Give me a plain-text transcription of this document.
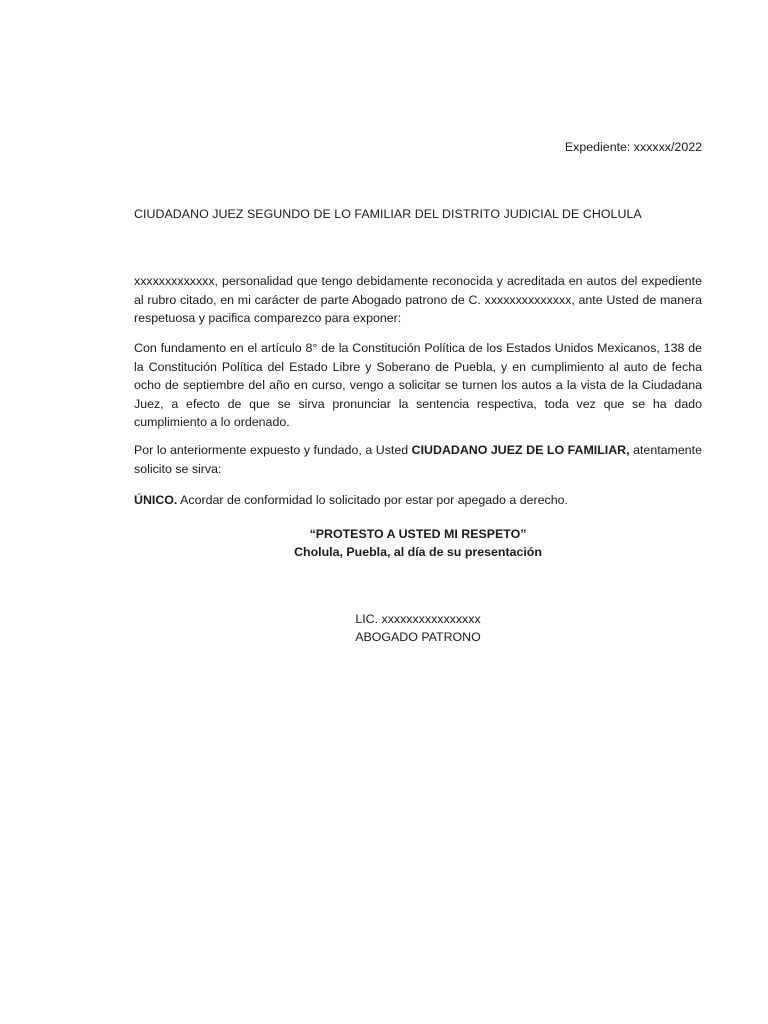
Expediente: xxxxxx/2022

CIUDADANO JUEZ SEGUNDO DE LO FAMILIAR DEL DISTRITO JUDICIAL DE CHOLULA

xxxxxxxxxxxxx, personalidad que tengo debidamente reconocida y acreditada en autos del expediente al rubro citado, en mi carácter de parte Abogado patrono de C. xxxxxxxxxxxxxx, ante Usted de manera respetuosa y pacifica comparezco para exponer:

Con fundamento en el artículo 8° de la Constitución Política de los Estados Unidos Mexicanos, 138 de la Constitución Política del Estado Libre y Soberano de Puebla, y en cumplimiento al auto de fecha ocho de septiembre del año en curso, vengo a solicitar se turnen los autos a la vista de la Ciudadana Juez, a efecto de que se sirva pronunciar la sentencia respectiva, toda vez que se ha dado cumplimiento a lo ordenado.

Por lo anteriormente expuesto y fundado, a Usted CIUDADANO JUEZ DE LO FAMILIAR, atentamente solicito se sirva:

ÚNICO. Acordar de conformidad lo solicitado por estar por apegado a derecho.

“PROTESTO A USTED MI RESPETO”

Cholula, Puebla, al día de su presentación

LIC. xxxxxxxxxxxxxxxx

ABOGADO PATRONO
